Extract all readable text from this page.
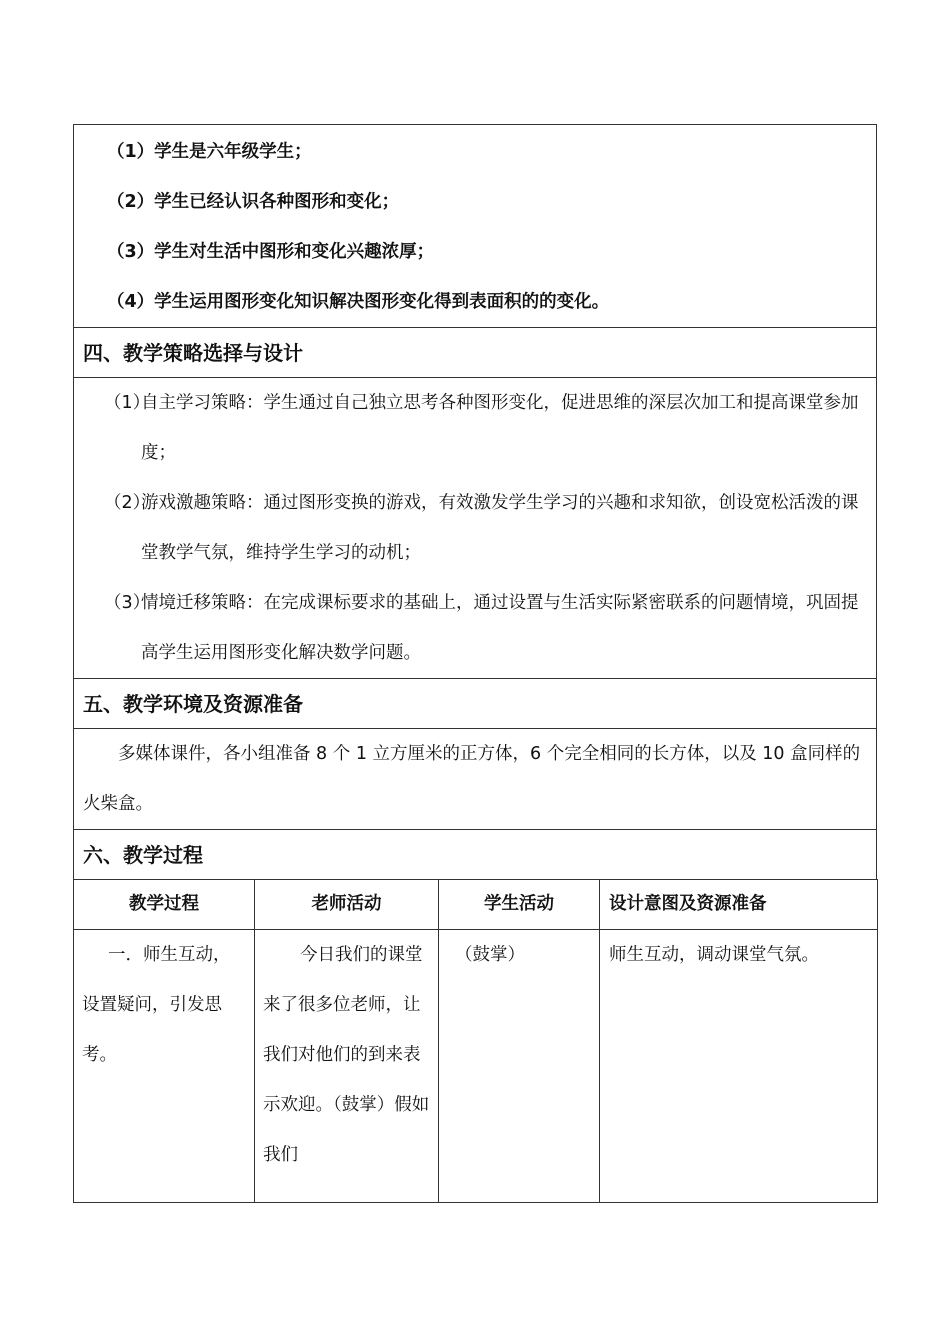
（1）学生是六年级学生；
（2）学生已经认识各种图形和变化；
（3）学生对生活中图形和变化兴趣浓厚；
（4）学生运用图形变化知识解决图形变化得到表面积的的变化。
四、教学策略选择与设计
（1）
自主学习策略：学生通过自己独立思考各种图形变化，促进思维的深层次加工和提高课堂参加度；
（2）
游戏激趣策略：通过图形变换的游戏，有效激发学生学习的兴趣和求知欲，创设宽松活泼的课堂教学气氛，维持学生学习的动机；
（3）
情境迁移策略：在完成课标要求的基础上，通过设置与生活实际紧密联系的问题情境，巩固提高学生运用图形变化解决数学问题。
五、教学环境及资源准备
多媒体课件，各小组准备 8 个 1 立方厘米的正方体，6 个完全相同的长方体，以及 10 盒同样的火柴盒。
六、教学过程
教学过程	老师活动	学生活动	设计意图及资源准备
一．师生互动，设置疑问，引发思考。	今日我们的课堂来了很多位老师，让我们对他们的到来表示欢迎。（鼓掌）假如我们	（鼓掌）	师生互动，调动课堂气氛。
